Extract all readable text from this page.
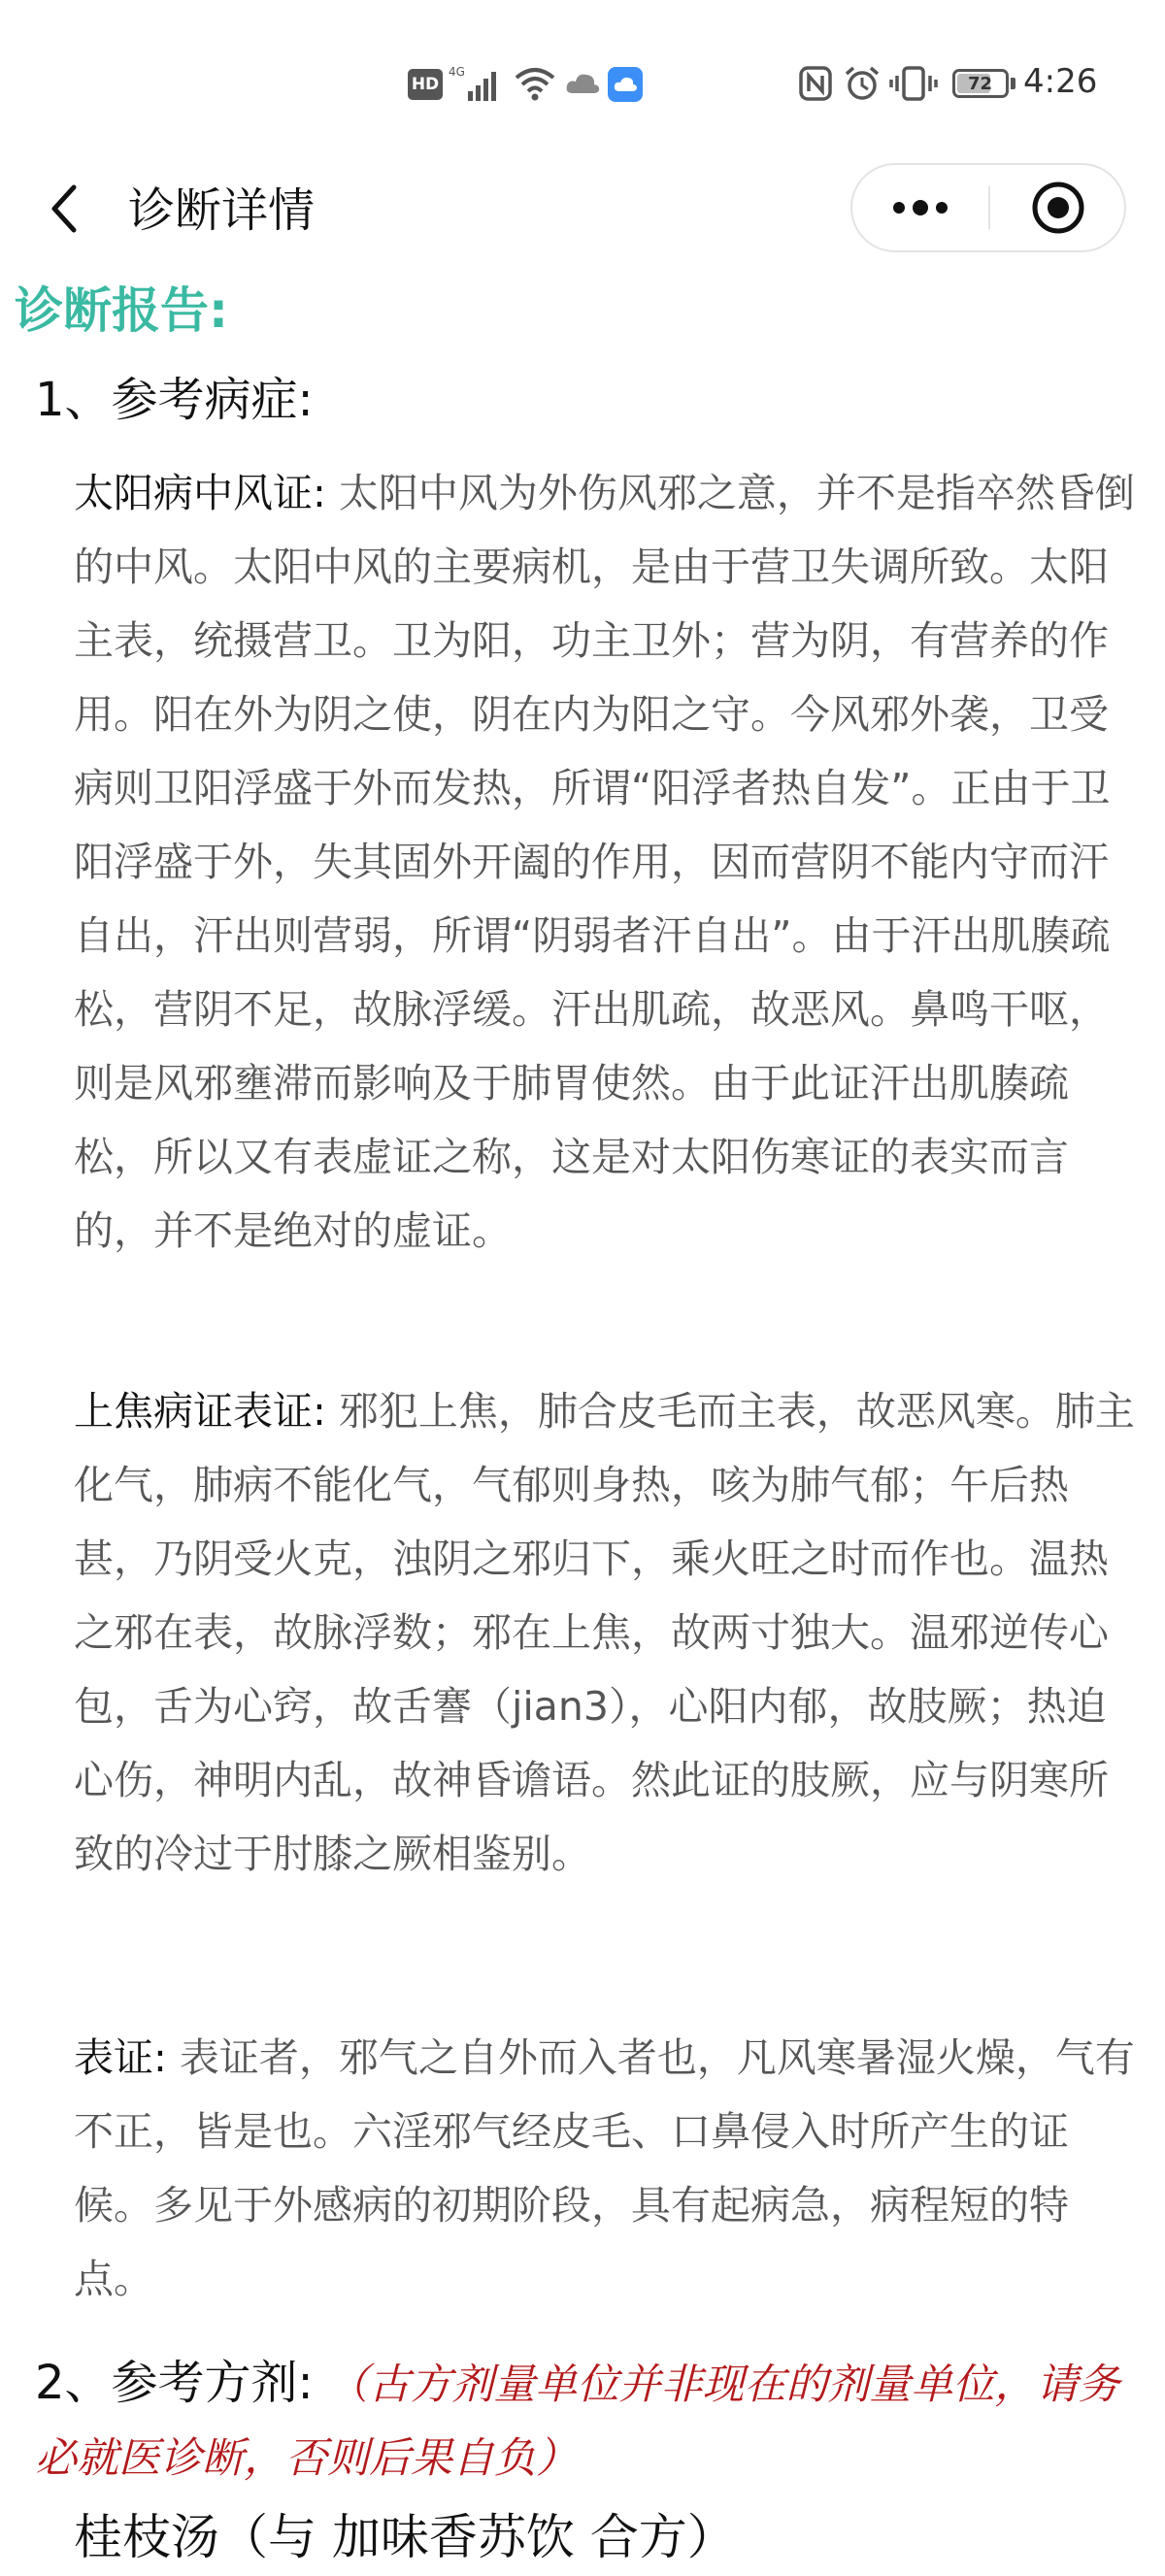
HD
4G
72 4:26
诊断详情
诊断报告:
1、参考病症:
太阳病中风证: 太阳中风为外伤风邪之意，并不是指卒然昏倒的中风。太阳中风的主要病机，是由于营卫失调所致。太阳主表，统摄营卫。卫为阳，功主卫外；营为阴，有营养的作用。阳在外为阴之使，阴在内为阳之守。今风邪外袭，卫受病则卫阳浮盛于外而发热，所谓“阳浮者热自发”。正由于卫阳浮盛于外，失其固外开阖的作用，因而营阴不能内守而汗自出，汗出则营弱，所谓“阴弱者汗自出”。由于汗出肌腠疏松，营阴不足，故脉浮缓。汗出肌疏，故恶风。鼻鸣干呕，则是风邪壅滞而影响及于肺胃使然。由于此证汗出肌腠疏松，所以又有表虚证之称，这是对太阳伤寒证的表实而言的，并不是绝对的虚证。
上焦病证表证: 邪犯上焦，肺合皮毛而主表，故恶风寒。肺主化气，肺病不能化气，气郁则身热，咳为肺气郁；午后热甚，乃阴受火克，浊阴之邪归下，乘火旺之时而作也。温热之邪在表，故脉浮数；邪在上焦，故两寸独大。温邪逆传心包，舌为心窍，故舌謇（jian3），心阳内郁，故肢厥；热迫心伤，神明内乱，故神昏谵语。然此证的肢厥，应与阴寒所致的冷过于肘膝之厥相鉴别。
表证: 表证者，邪气之自外而入者也，凡风寒暑湿火燥，气有不正，皆是也。六淫邪气经皮毛、口鼻侵入时所产生的证候。多见于外感病的初期阶段，具有起病急，病程短的特点。
2、参考方剂: （古方剂量单位并非现在的剂量单位，请务必就医诊断，否则后果自负）
桂枝汤（与 加味香苏饮 合方）
